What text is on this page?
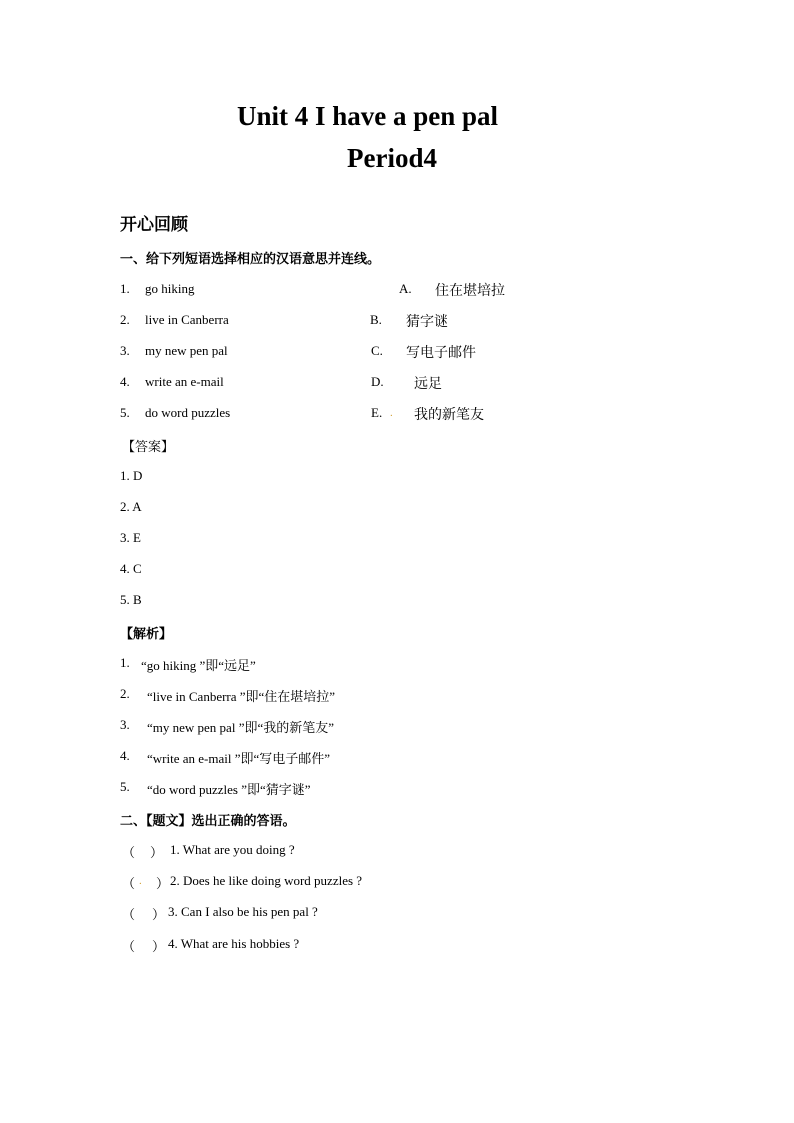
Unit 4 I have a pen pal
Period4
开心回顾
一、给下列短语选择相应的汉语意思并连线。
1. go hiking	A. 住在堪培拉
2. live in Canberra	B. 猜字谜
3. my new pen pal	C. 写电子邮件
4. write an e-mail	D. 远足
5. do word puzzles	E. . 我的新笔友
【答案】
1. D
2. A
3. E
4. C
5. B
【解析】
1. “go hiking ”即“远足”
2. “live in Canberra ”即“住在堪培拉”
3. “my new pen pal ”即“我的新笔友”
4. “write an e-mail ”即“写电子邮件”
5. “do word puzzles ”即“猜字谜”
二、【题文】选出正确的答语。
（ ） 1. What are you doing ?
（ . ） 2. Does he like doing word puzzles ?
（ ） 3. Can I also be his pen pal ?
（ ） 4. What are his hobbies ?
